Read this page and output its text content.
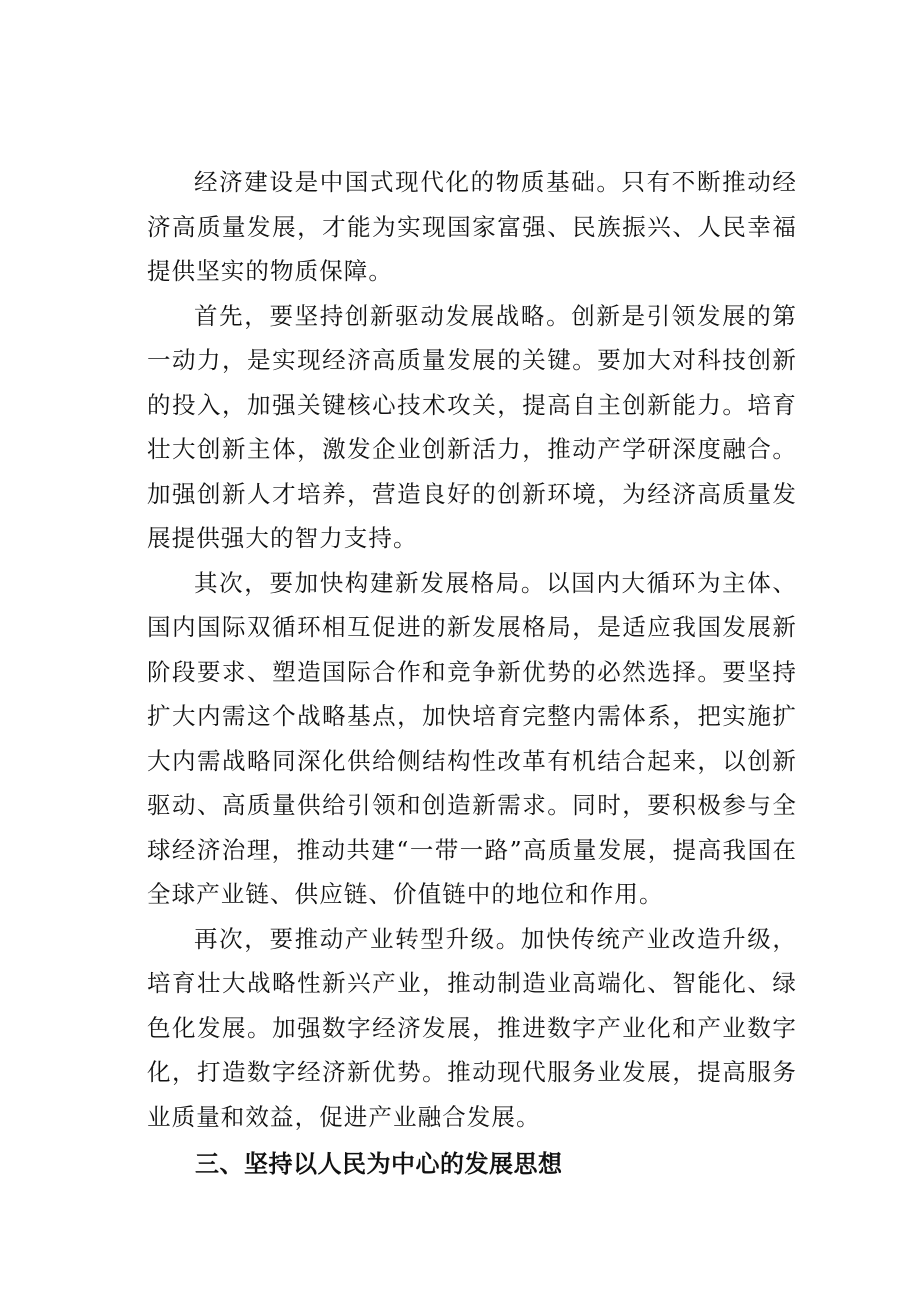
经济建设是中国式现代化的物质基础。只有不断推动经济高质量发展，才能为实现国家富强、民族振兴、人民幸福提供坚实的物质保障。

首先，要坚持创新驱动发展战略。创新是引领发展的第一动力，是实现经济高质量发展的关键。要加大对科技创新的投入，加强关键核心技术攻关，提高自主创新能力。培育壮大创新主体，激发企业创新活力，推动产学研深度融合。加强创新人才培养，营造良好的创新环境，为经济高质量发展提供强大的智力支持。

其次，要加快构建新发展格局。以国内大循环为主体、国内国际双循环相互促进的新发展格局，是适应我国发展新阶段要求、塑造国际合作和竞争新优势的必然选择。要坚持扩大内需这个战略基点，加快培育完整内需体系，把实施扩大内需战略同深化供给侧结构性改革有机结合起来，以创新驱动、高质量供给引领和创造新需求。同时，要积极参与全球经济治理，推动共建“一带一路”高质量发展，提高我国在全球产业链、供应链、价值链中的地位和作用。

再次，要推动产业转型升级。加快传统产业改造升级，培育壮大战略性新兴产业，推动制造业高端化、智能化、绿色化发展。加强数字经济发展，推进数字产业化和产业数字化，打造数字经济新优势。推动现代服务业发展，提高服务业质量和效益，促进产业融合发展。

三、坚持以人民为中心的发展思想
